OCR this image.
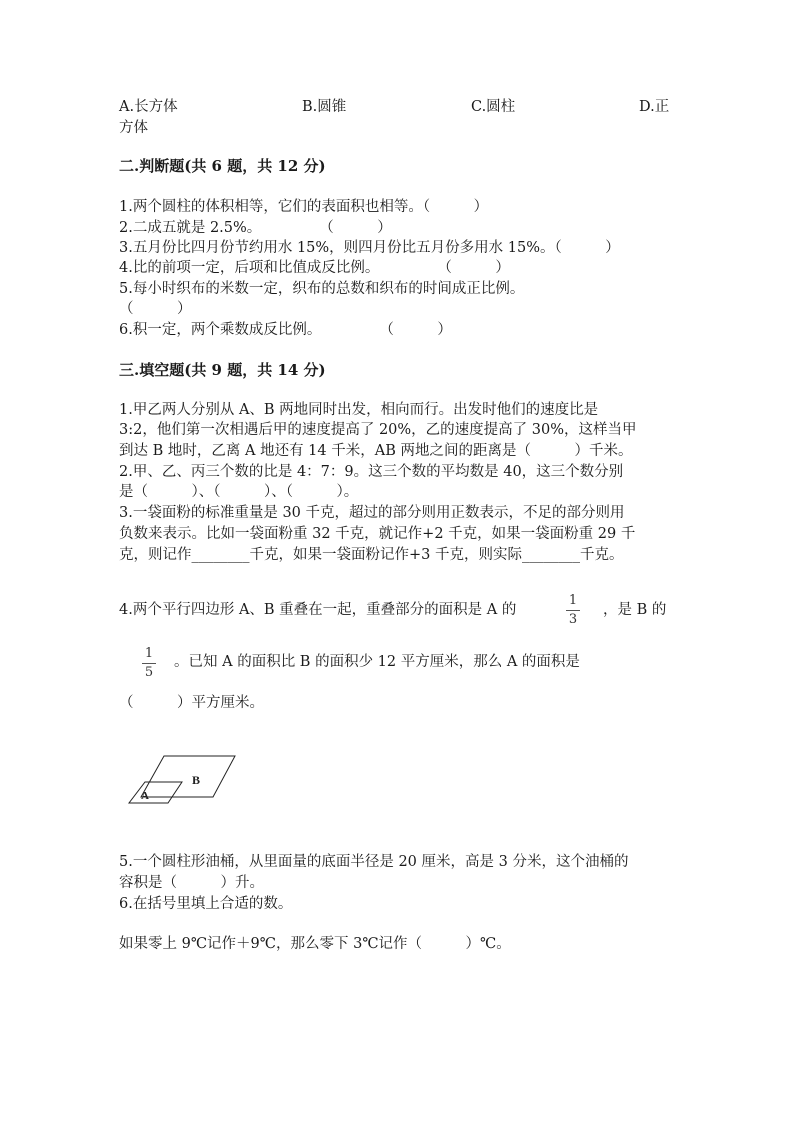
A.长方体	B.圆锥	C.圆柱	D.正
方体
二.判断题(共 6 题，共 12 分)
1.两个圆柱的体积相等，它们的表面积也相等。（　　　）
2.二成五就是 2.5%。　　　　　（　　　）
3.五月份比四月份节约用水 15%，则四月份比五月份多用水 15%。（　　　）
4.比的前项一定，后项和比值成反比例。　　　　　（　　　）
5.每小时织布的米数一定，织布的总数和织布的时间成正比例。
（　　　）
6.积一定，两个乘数成反比例。　　　　　（　　　）
三.填空题(共 9 题，共 14 分)
1.甲乙两人分别从 A、B 两地同时出发，相向而行。出发时他们的速度比是
3:2，他们第一次相遇后甲的速度提高了 20%，乙的速度提高了 30%，这样当甲
到达 B 地时，乙离 A 地还有 14 千米，AB 两地之间的距离是（　　　）千米。
2.甲、乙、丙三个数的比是 4：7：9。这三个数的平均数是 40，这三个数分别
是（　　　）、（　　　）、（　　　）。
3.一袋面粉的标准重量是 30 千克，超过的部分则用正数表示，不足的部分则用
负数来表示。比如一袋面粉重 32 千克，就记作+2 千克，如果一袋面粉重 29 千
克，则记作________千克，如果一袋面粉记作+3 千克，则实际________千克。
4.两个平行四边形 A、B 重叠在一起，重叠部分的面积是 A 的
1
3
，是 B 的
1
5
。已知 A 的面积比 B 的面积少 12 平方厘米，那么 A 的面积是
（　　　）平方厘米。
B
A
5.一个圆柱形油桶，从里面量的底面半径是 20 厘米，高是 3 分米，这个油桶的
容积是（　　　）升。
6.在括号里填上合适的数。
如果零上 9℃记作＋9℃，那么零下 3℃记作（　　　）℃。
